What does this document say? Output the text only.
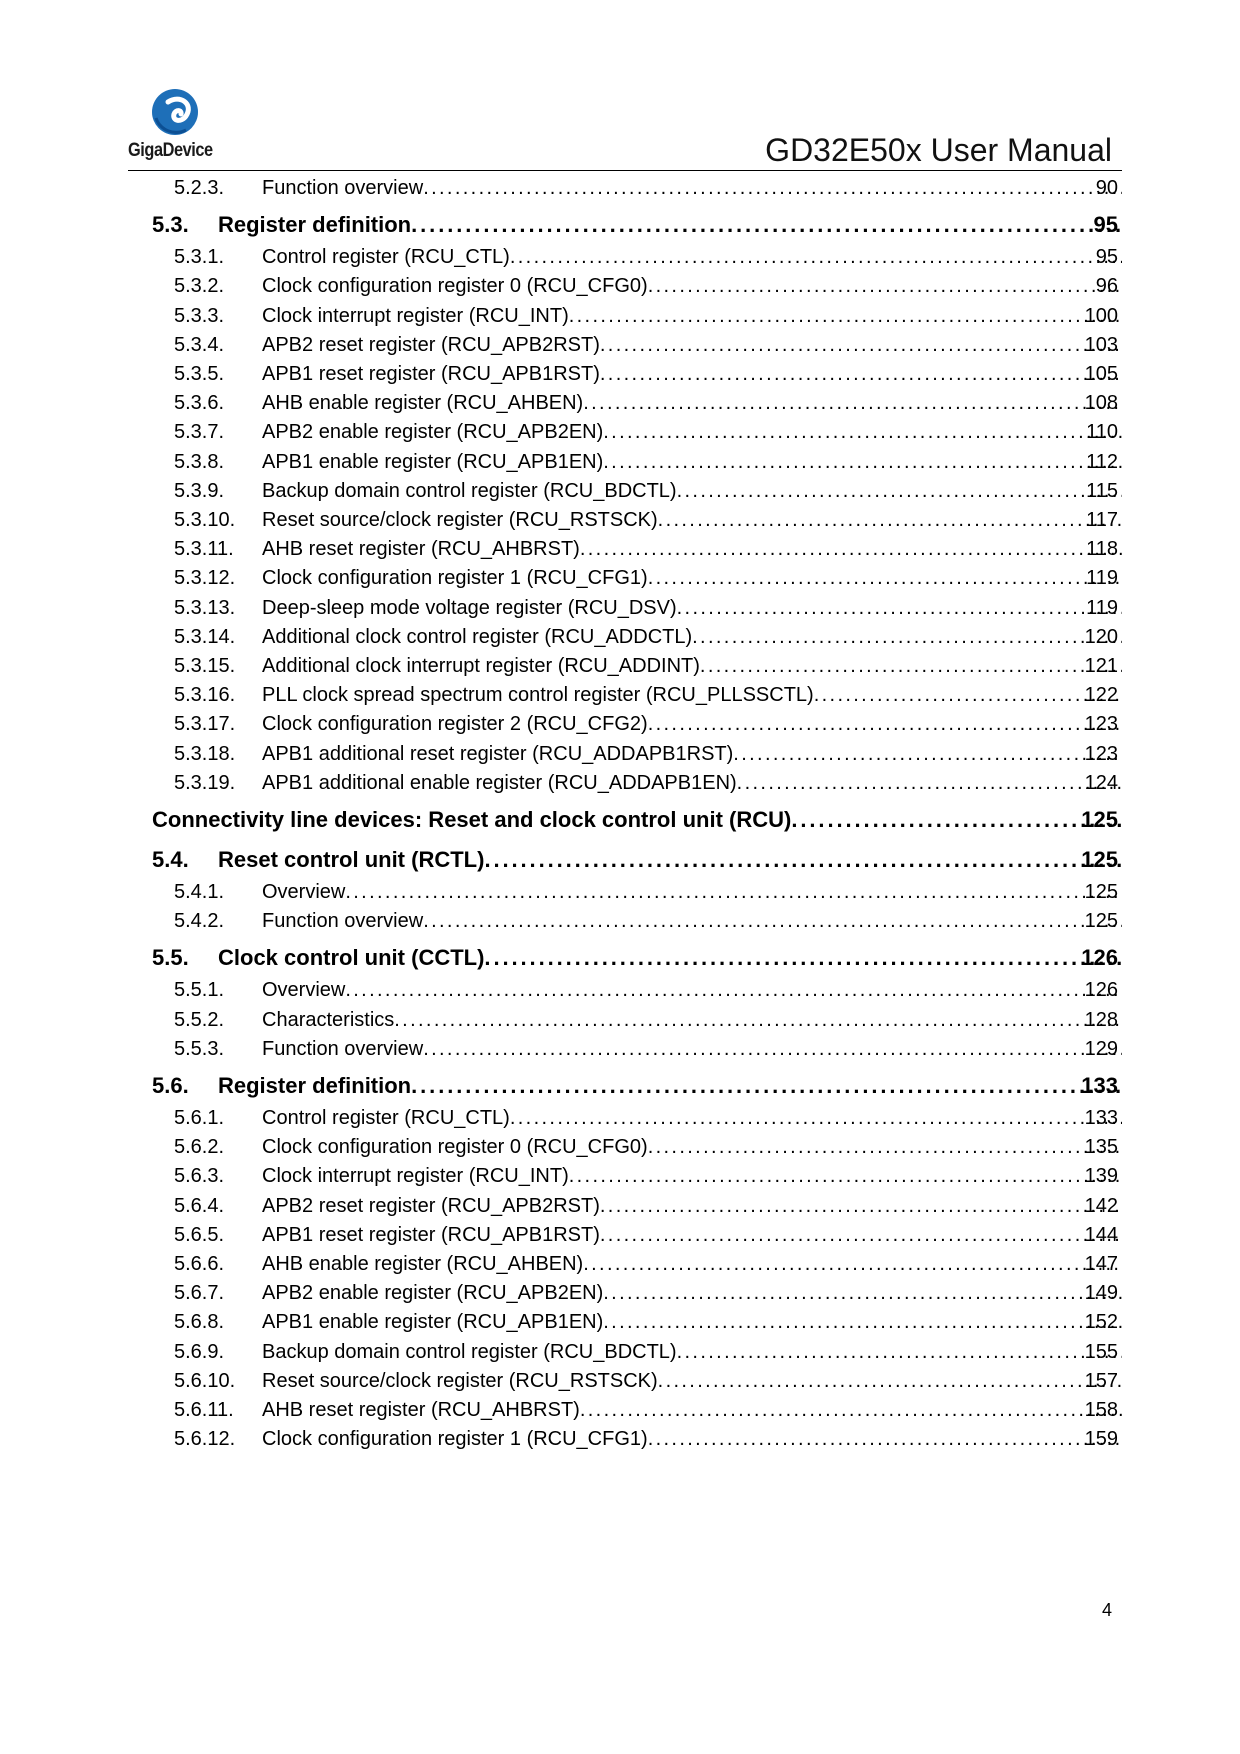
GigaDevice	GD32E50x User Manual
5.2.3. Function overview . . .	90
5.3. Register definition . . .	95
5.3.1. Control register (RCU_CTL) . . .	95
5.3.2. Clock configuration register 0 (RCU_CFG0) . . .	96
5.3.3. Clock interrupt register (RCU_INT) . . .	100
5.3.4. APB2 reset register (RCU_APB2RST) . . .	103
5.3.5. APB1 reset register (RCU_APB1RST) . . .	105
5.3.6. AHB enable register (RCU_AHBEN) . . .	108
5.3.7. APB2 enable register (RCU_APB2EN) . . .	110
5.3.8. APB1 enable register (RCU_APB1EN) . . .	112
5.3.9. Backup domain control register (RCU_BDCTL) . . .	115
5.3.10. Reset source/clock register (RCU_RSTSCK) . . .	117
5.3.11. AHB reset register (RCU_AHBRST) . . .	118
5.3.12. Clock configuration register 1 (RCU_CFG1) . . .	119
5.3.13. Deep-sleep mode voltage register (RCU_DSV) . . .	119
5.3.14. Additional clock control register (RCU_ADDCTL) . . .	120
5.3.15. Additional clock interrupt register (RCU_ADDINT) . . .	121
5.3.16. PLL clock spread spectrum control register (RCU_PLLSSCTL) . . .	122
5.3.17. Clock configuration register 2 (RCU_CFG2) . . .	123
5.3.18. APB1 additional reset register (RCU_ADDAPB1RST) . . .	123
5.3.19. APB1 additional enable register (RCU_ADDAPB1EN) . . .	124
Connectivity line devices: Reset and clock control unit (RCU) . . .	125
5.4. Reset control unit (RCTL) . . .	125
5.4.1. Overview . . .	125
5.4.2. Function overview . . .	125
5.5. Clock control unit (CCTL) . . .	126
5.5.1. Overview . . .	126
5.5.2. Characteristics . . .	128
5.5.3. Function overview . . .	129
5.6. Register definition . . .	133
5.6.1. Control register (RCU_CTL) . . .	133
5.6.2. Clock configuration register 0 (RCU_CFG0) . . .	135
5.6.3. Clock interrupt register (RCU_INT) . . .	139
5.6.4. APB2 reset register (RCU_APB2RST) . . .	142
5.6.5. APB1 reset register (RCU_APB1RST) . . .	144
5.6.6. AHB enable register (RCU_AHBEN) . . .	147
5.6.7. APB2 enable register (RCU_APB2EN) . . .	149
5.6.8. APB1 enable register (RCU_APB1EN) . . .	152
5.6.9. Backup domain control register (RCU_BDCTL) . . .	155
5.6.10. Reset source/clock register (RCU_RSTSCK) . . .	157
5.6.11. AHB reset register (RCU_AHBRST) . . .	158
5.6.12. Clock configuration register 1 (RCU_CFG1) . . .	159
4
